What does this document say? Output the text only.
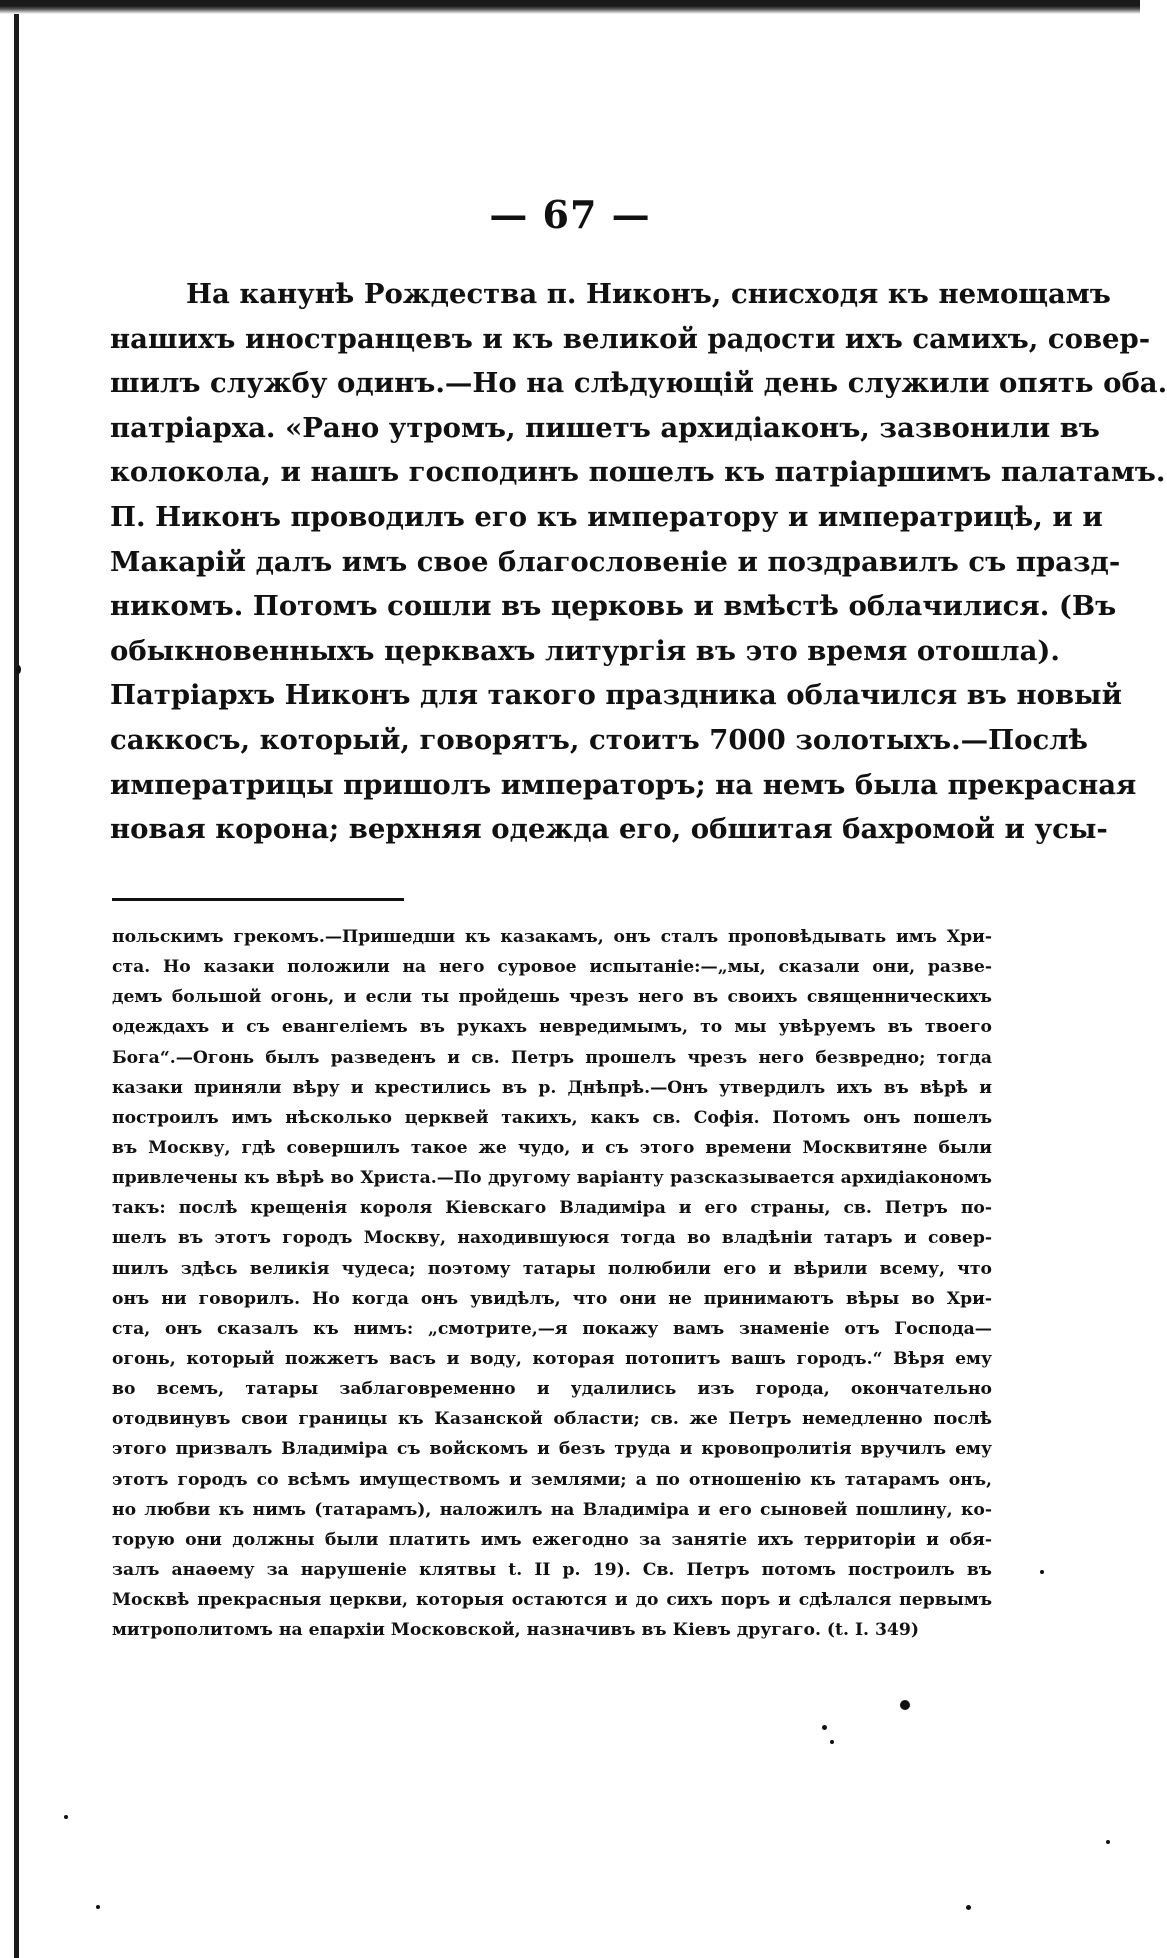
— 67 —
На канунѣ Рождества п. Никонъ, снисходя къ немощамъ
нашихъ иностранцевъ и къ великой радости ихъ самихъ, совер-
шилъ службу одинъ.—Но на слѣдующій день служили опять оба.
патріарха. «Рано утромъ, пишетъ архидіаконъ, зазвонили въ
колокола, и нашъ господинъ пошелъ къ патріаршимъ палатамъ.
П. Никонъ проводилъ его къ императору и императрицѣ, и и
Макарій далъ имъ свое благословеніе и поздравилъ съ празд-
никомъ. Потомъ сошли въ церковь и вмѣстѣ облачилися. (Въ
обыкновенныхъ церквахъ литургія въ это время отошла).
Патріархъ Никонъ для такого праздника облачился въ новый
саккосъ, который, говорятъ, стоитъ 7000 золотыхъ.—Послѣ
императрицы пришолъ императоръ; на немъ была прекрасная
новая корона; верхняя одежда его, обшитая бахромой и усы-
польскимъ грекомъ.—Пришедши къ казакамъ, онъ сталъ проповѣдывать имъ Хри-
ста. Но казаки положили на него суровое испытаніе:—„мы, сказали они, разве-
демъ большой огонь, и если ты пройдешь чрезъ него въ своихъ священническихъ
одеждахъ и съ евангеліемъ въ рукахъ невредимымъ, то мы увѣруемъ въ твоего
Бога“.—Огонь былъ разведенъ и св. Петръ прошелъ чрезъ него безвредно; тогда
казаки приняли вѣру и крестились въ р. Днѣпрѣ.—Онъ утвердилъ ихъ въ вѣрѣ и
построилъ имъ нѣсколько церквей такихъ, какъ св. Софія. Потомъ онъ пошелъ
въ Москву, гдѣ совершилъ такое же чудо, и съ этого времени Москвитяне были
привлечены къ вѣрѣ во Христа.—По другому варіанту разсказывается архидіакономъ
такъ: послѣ крещенія короля Кіевскаго Владиміра и его страны, св. Петръ по-
шелъ въ этотъ городъ Москву, находившуюся тогда во владѣніи татаръ и совер-
шилъ здѣсь великія чудеса; поэтому татары полюбили его и вѣрили всему, что
онъ ни говорилъ. Но когда онъ увидѣлъ, что они не принимаютъ вѣры во Хри-
ста, онъ сказалъ къ нимъ: „смотрите,—я покажу вамъ знаменіе отъ Господа—
огонь, который пожжетъ васъ и воду, которая потопитъ вашъ городъ.“ Вѣря ему
во всемъ, татары заблаговременно и удалились изъ города, окончательно
отодвинувъ свои границы къ Казанской области; св. же Петръ немедленно послѣ
этого призвалъ Владиміра съ войскомъ и безъ труда и кровопролитія вручилъ ему
этотъ городъ со всѣмъ имуществомъ и землями; а по отношенію къ татарамъ онъ,
но любви къ нимъ (татарамъ), наложилъ на Владиміра и его сыновей пошлину, ко-
торую они должны были платить имъ ежегодно за занятіе ихъ территоріи и обя-
залъ анаѳему за нарушеніе клятвы t. II p. 19). Св. Петръ потомъ построилъ въ
Москвѣ прекрасныя церкви, которыя остаются и до сихъ поръ и сдѣлался первымъ
митрополитомъ на епархіи Московской, назначивъ въ Кіевъ другаго. (t. I. 349)
